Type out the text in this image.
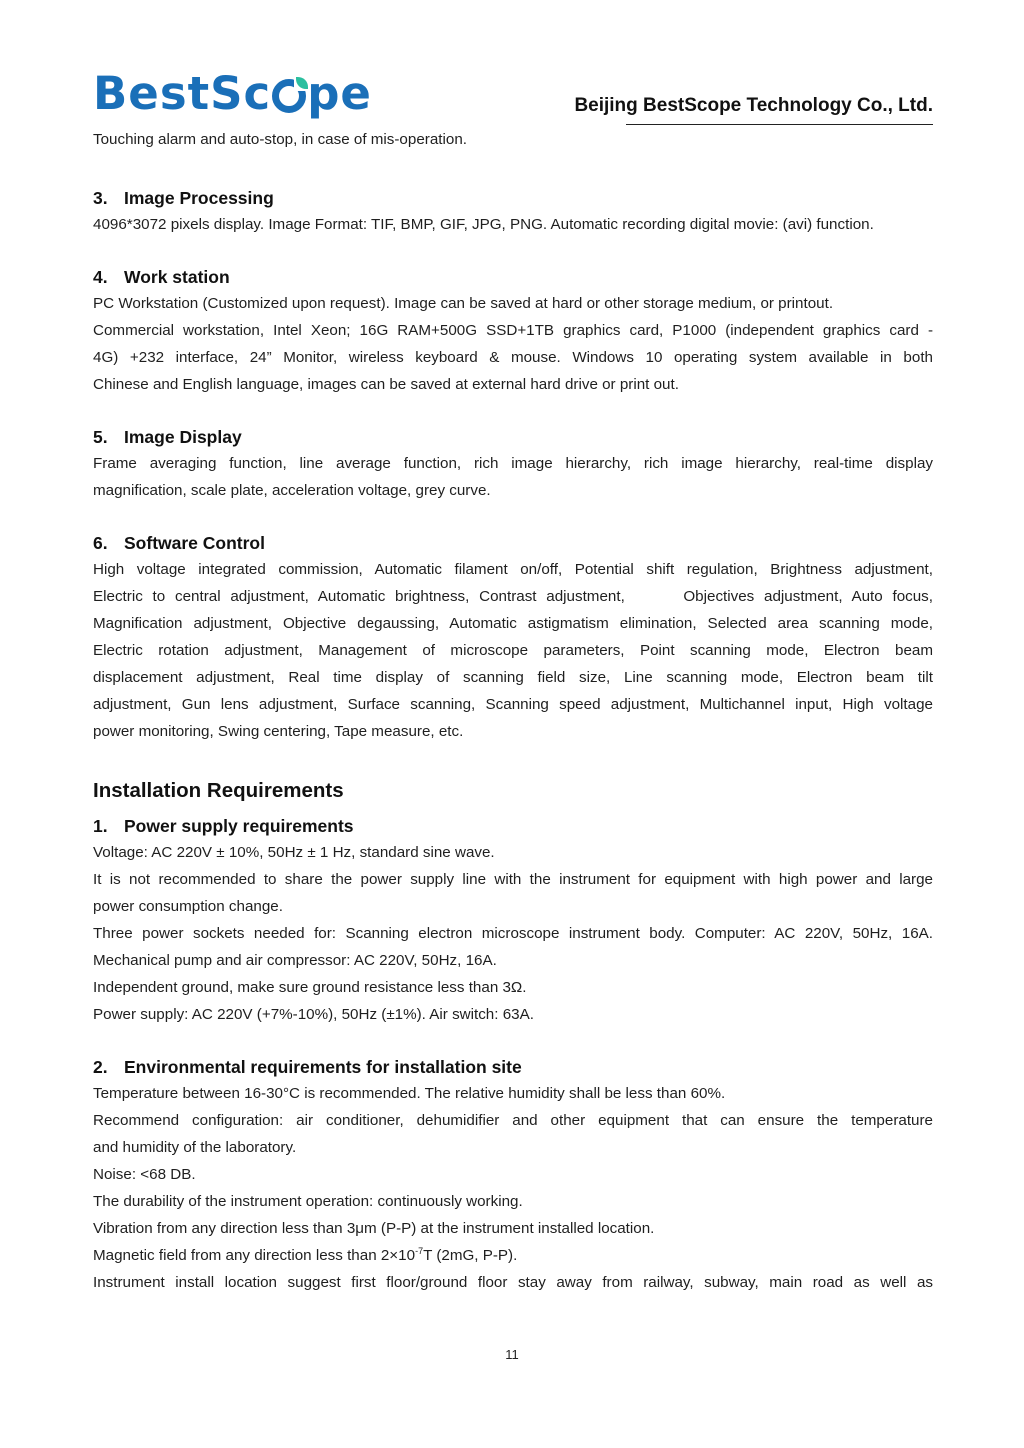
BestSc pe	Beijing BestScope Technology Co., Ltd.

Touching alarm and auto-stop, in case of mis-operation.

3. Image Processing

4096*3072 pixels display. Image Format: TIF, BMP, GIF, JPG, PNG. Automatic recording digital movie: (avi) function.

4. Work station

PC Workstation (Customized upon request). Image can be saved at hard or other storage medium, or printout.

Commercial workstation, Intel Xeon; 16G RAM+500G SSD+1TB graphics card, P1000 (independent graphics card -

4G) +232 interface, 24” Monitor, wireless keyboard & mouse. Windows 10 operating system available in both

Chinese and English language, images can be saved at external hard drive or print out.

5. Image Display

Frame averaging function, line average function, rich image hierarchy, rich image hierarchy, real-time display

magnification, scale plate, acceleration voltage, grey curve.

6. Software Control

High voltage integrated commission, Automatic filament on/off, Potential shift regulation, Brightness adjustment,

Electric to central adjustment, Automatic brightness, Contrast adjustment,      Objectives adjustment, Auto focus,

Magnification adjustment, Objective degaussing, Automatic astigmatism elimination, Selected area scanning mode,

Electric rotation adjustment, Management of microscope parameters, Point scanning mode, Electron beam

displacement adjustment, Real time display of scanning field size, Line scanning mode, Electron beam tilt

adjustment, Gun lens adjustment, Surface scanning, Scanning speed adjustment, Multichannel input, High voltage

power monitoring, Swing centering, Tape measure, etc.

Installation Requirements
1. Power supply requirements

Voltage: AC 220V ± 10%, 50Hz ± 1 Hz, standard sine wave.

It is not recommended to share the power supply line with the instrument for equipment with high power and large

power consumption change.

Three power sockets needed for: Scanning electron microscope instrument body. Computer: AC 220V, 50Hz, 16A.

Mechanical pump and air compressor: AC 220V, 50Hz, 16A.

Independent ground, make sure ground resistance less than 3Ω.

Power supply: AC 220V (+7%-10%), 50Hz (±1%). Air switch: 63A.

2. Environmental requirements for installation site

Temperature between 16-30°C is recommended. The relative humidity shall be less than 60%.

Recommend configuration: air conditioner, dehumidifier and other equipment that can ensure the temperature

and humidity of the laboratory.

Noise: <68 DB.

The durability of the instrument operation: continuously working.

Vibration from any direction less than 3μm (P-P) at the instrument installed location.

Magnetic field from any direction less than $2\times 10^{-7}T$ (2mG, P-P).

Instrument install location suggest first floor/ground floor stay away from railway, subway, main road as well as

11
